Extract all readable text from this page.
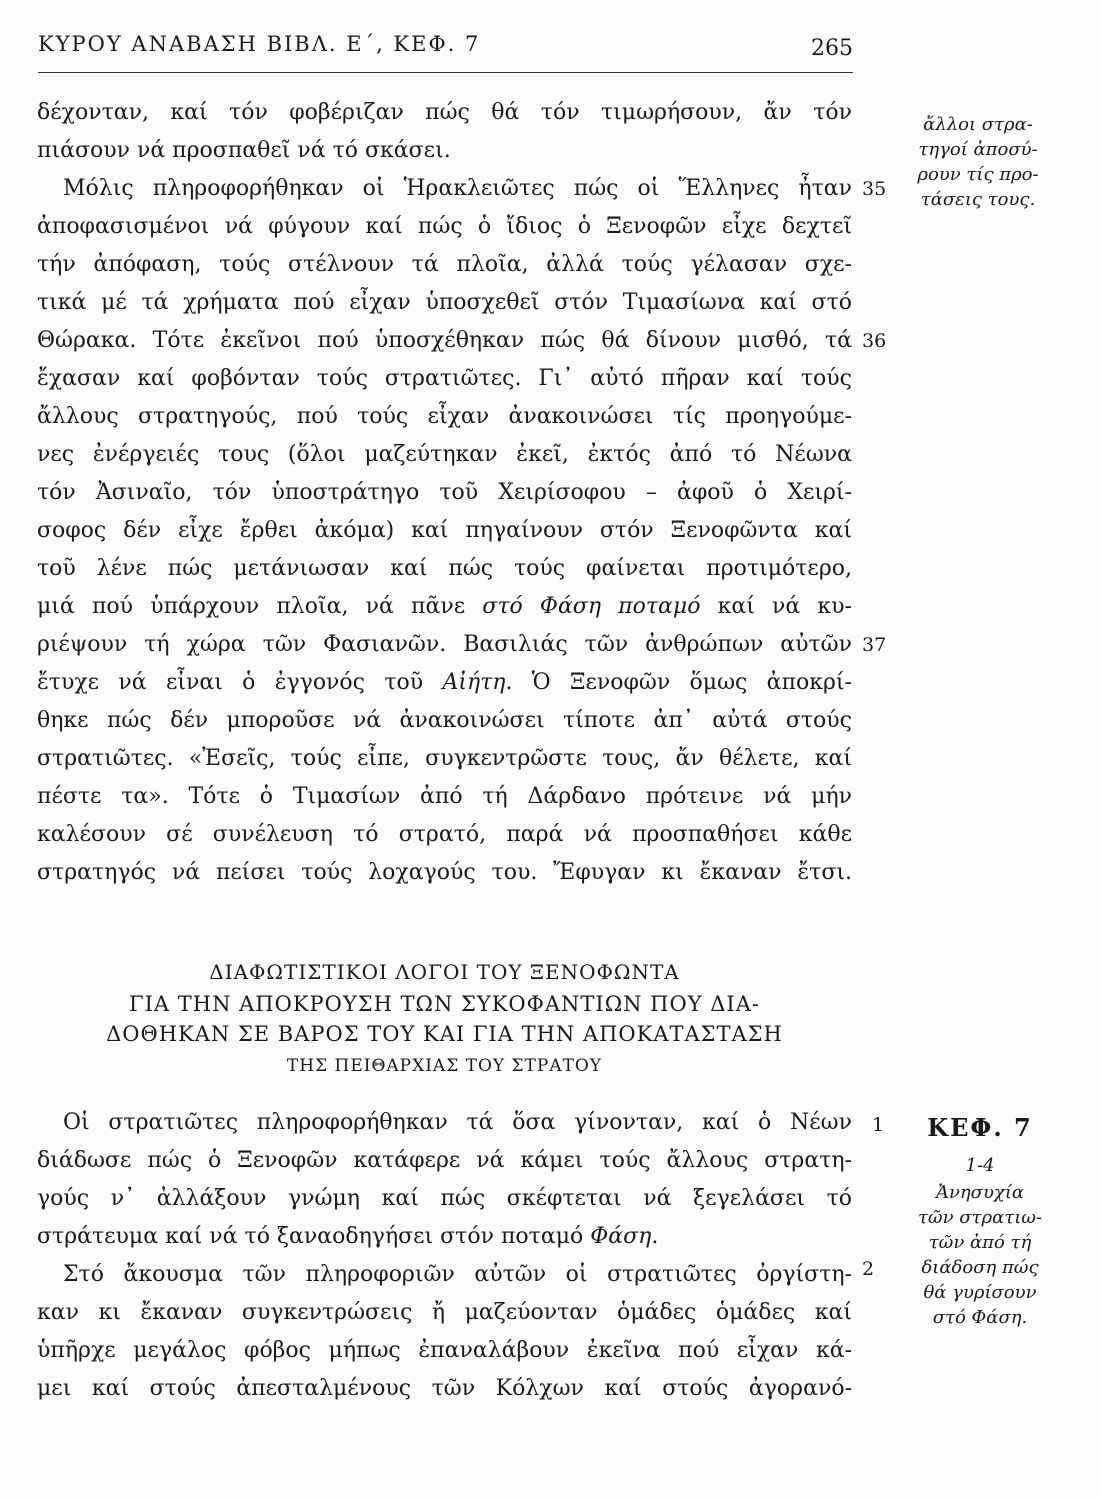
ΚΥΡΟΥ ΑΝΑΒΑΣΗ ΒΙΒΛ. Ε΄, ΚΕΦ. 7	265
δέχονταν, καί τόν φοβέριζαν πώς θά τόν τιμωρήσουν, ἄν τόν
πιάσουν νά προσπαθεῖ νά τό σκάσει.
Μόλις πληροφορήθηκαν οἱ Ἡρακλειῶτες πώς οἱ Ἕλληνες ἦταν
ἀποφασισμένοι νά φύγουν καί πώς ὁ ἴδιος ὁ Ξενοφῶν εἶχε δεχτεῖ
τήν ἀπόφαση, τούς στέλνουν τά πλοῖα, ἀλλά τούς γέλασαν σχε-
τικά μέ τά χρήματα πού εἶχαν ὑποσχεθεῖ στόν Τιμασίωνα καί στό
Θώρακα. Τότε ἐκεῖνοι πού ὑποσχέθηκαν πώς θά δίνουν μισθό, τά
ἔχασαν καί φοβόνταν τούς στρατιῶτες. Γι᾽ αὐτό πῆραν καί τούς
ἄλλους στρατηγούς, πού τούς εἶχαν ἀνακοινώσει τίς προηγούμε-
νες ἐνέργειές τους (ὅλοι μαζεύτηκαν ἐκεῖ, ἐκτός ἀπό τό Νέωνα
τόν Ἀσιναῖο, τόν ὑποστράτηγο τοῦ Χειρίσοφου – ἀφοῦ ὁ Χειρί-
σοφος δέν εἶχε ἔρθει ἀκόμα) καί πηγαίνουν στόν Ξενοφῶντα καί
τοῦ λένε πώς μετάνιωσαν καί πώς τούς φαίνεται προτιμότερο,
μιά πού ὑπάρχουν πλοῖα, νά πᾶνε στό Φάση ποταμό καί νά κυ-
ριέψουν τή χώρα τῶν Φασιανῶν. Βασιλιάς τῶν ἀνθρώπων αὐτῶν
ἔτυχε νά εἶναι ὁ ἐγγονός τοῦ Αἰήτη. Ὁ Ξενοφῶν ὅμως ἀποκρί-
θηκε πώς δέν μποροῦσε νά ἀνακοινώσει τίποτε ἀπ᾽ αὐτά στούς
στρατιῶτες. «Ἐσεῖς, τούς εἶπε, συγκεντρῶστε τους, ἄν θέλετε, καί
πέστε τα». Τότε ὁ Τιμασίων ἀπό τή Δάρδανο πρότεινε νά μήν
καλέσουν σέ συνέλευση τό στρατό, παρά νά προσπαθήσει κάθε
στρατηγός νά πείσει τούς λοχαγούς του. Ἔφυγαν κι ἔκαναν ἔτσι.
35
36
37
1
2
ἄλλοι στρα-
τηγοί ἀποσύ-
ρουν τίς προ-
τάσεις τους.
ΔΙΑΦΩΤΙΣΤΙΚΟΙ ΛΟΓΟΙ ΤΟΥ ΞΕΝΟΦΩΝΤΑ
ΓΙΑ ΤΗΝ ΑΠΟΚΡΟΥΣΗ ΤΩΝ ΣΥΚΟΦΑΝΤΙΩΝ ΠΟΥ ΔΙΑ-
ΔΟΘΗΚΑΝ ΣΕ ΒΑΡΟΣ ΤΟΥ ΚΑΙ ΓΙΑ ΤΗΝ ΑΠΟΚΑΤΑΣΤΑΣΗ
ΤΗΣ ΠΕΙΘΑΡΧΙΑΣ ΤΟΥ ΣΤΡΑΤΟΥ
Οἱ στρατιῶτες πληροφορήθηκαν τά ὅσα γίνονταν, καί ὁ Νέων
διάδωσε πώς ὁ Ξενοφῶν κατάφερε νά κάμει τούς ἄλλους στρατη-
γούς ν᾽ ἀλλάξουν γνώμη καί πώς σκέφτεται νά ξεγελάσει τό
στράτευμα καί νά τό ξαναοδηγήσει στόν ποταμό Φάση.
Στό ἄκουσμα τῶν πληροφοριῶν αὐτῶν οἱ στρατιῶτες ὀργίστη-
καν κι ἔκαναν συγκεντρώσεις ἤ μαζεύονταν ὁμάδες ὁμάδες καί
ὑπῆρχε μεγάλος φόβος μήπως ἐπαναλάβουν ἐκεῖνα πού εἶχαν κά-
μει καί στούς ἀπεσταλμένους τῶν Κόλχων καί στούς ἀγορανό-
ΚΕΦ. 7
1-4
Ἀνησυχία
τῶν στρατιω-
τῶν ἀπό τή
διάδοση πώς
θά γυρίσουν
στό Φάση.
